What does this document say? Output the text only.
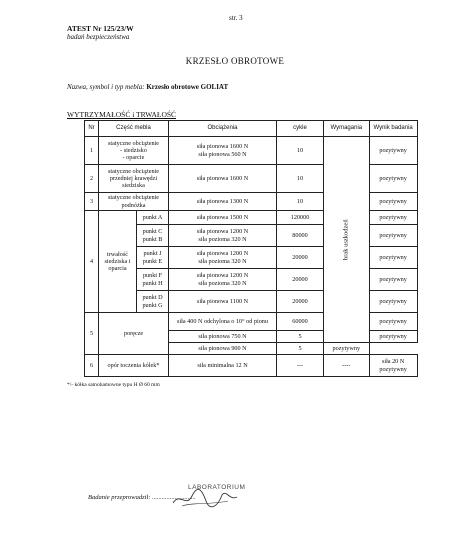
str. 3
ATEST Nr 125/23/W
badań bezpieczeństwa
KRZESŁO OBROTOWE
Nazwa, symbol i typ mebla: Krzesło obrotowe GOLIAT
WYTRZYMAŁOŚĆ i TRWAŁOŚĆ
Nr	Część mebla		Obciążenia	cykle	Wymagania	Wynik badania
1	statyczne obciążenie
- siedzisko
- oparcie		siła pionowa 1600 N
siła pionowa 560 N	10	brak uszkodzeń	pozytywny
2	statyczne obciążenie przedniej krawędzi siedziska		siła pionowa 1600 N	10		pozytywny
3	statyczne obciążenie podnóżka		siła pionowa 1300 N	10		pozytywny
4	trwałość siedziska i oparcia	punkt A	siła pionowa 1500 N	120000		pozytywny
		punkt C
punkt B	siła pionowa 1200 N
siła pozioma 320 N	80000		pozytywny
		punkt J
punkt E	siła pionowa 1200 N
siła pozioma 320 N	20000		pozytywny
		punkt F
punkt H	siła pionowa 1200 N
siła pozioma 320 N	20000		pozytywny
		punkt D
punkt G	siła pionowa 1100 N	20000		pozytywny
5	poręcze		siła 400 N odchylona o 10° od pionu	60000		pozytywny
			siła pionowa 750 N	5		pozytywny
			siła pionowa 900 N	5	pozytywny	
6	opór toczenia kółek*		siła minimalna 12 N	---	----	siła 20 N
pozytywny
*/- kółka samohamowne typu H Ø 60 mm
LABORATORIUM
Badanie przeprowadził: ...........................
